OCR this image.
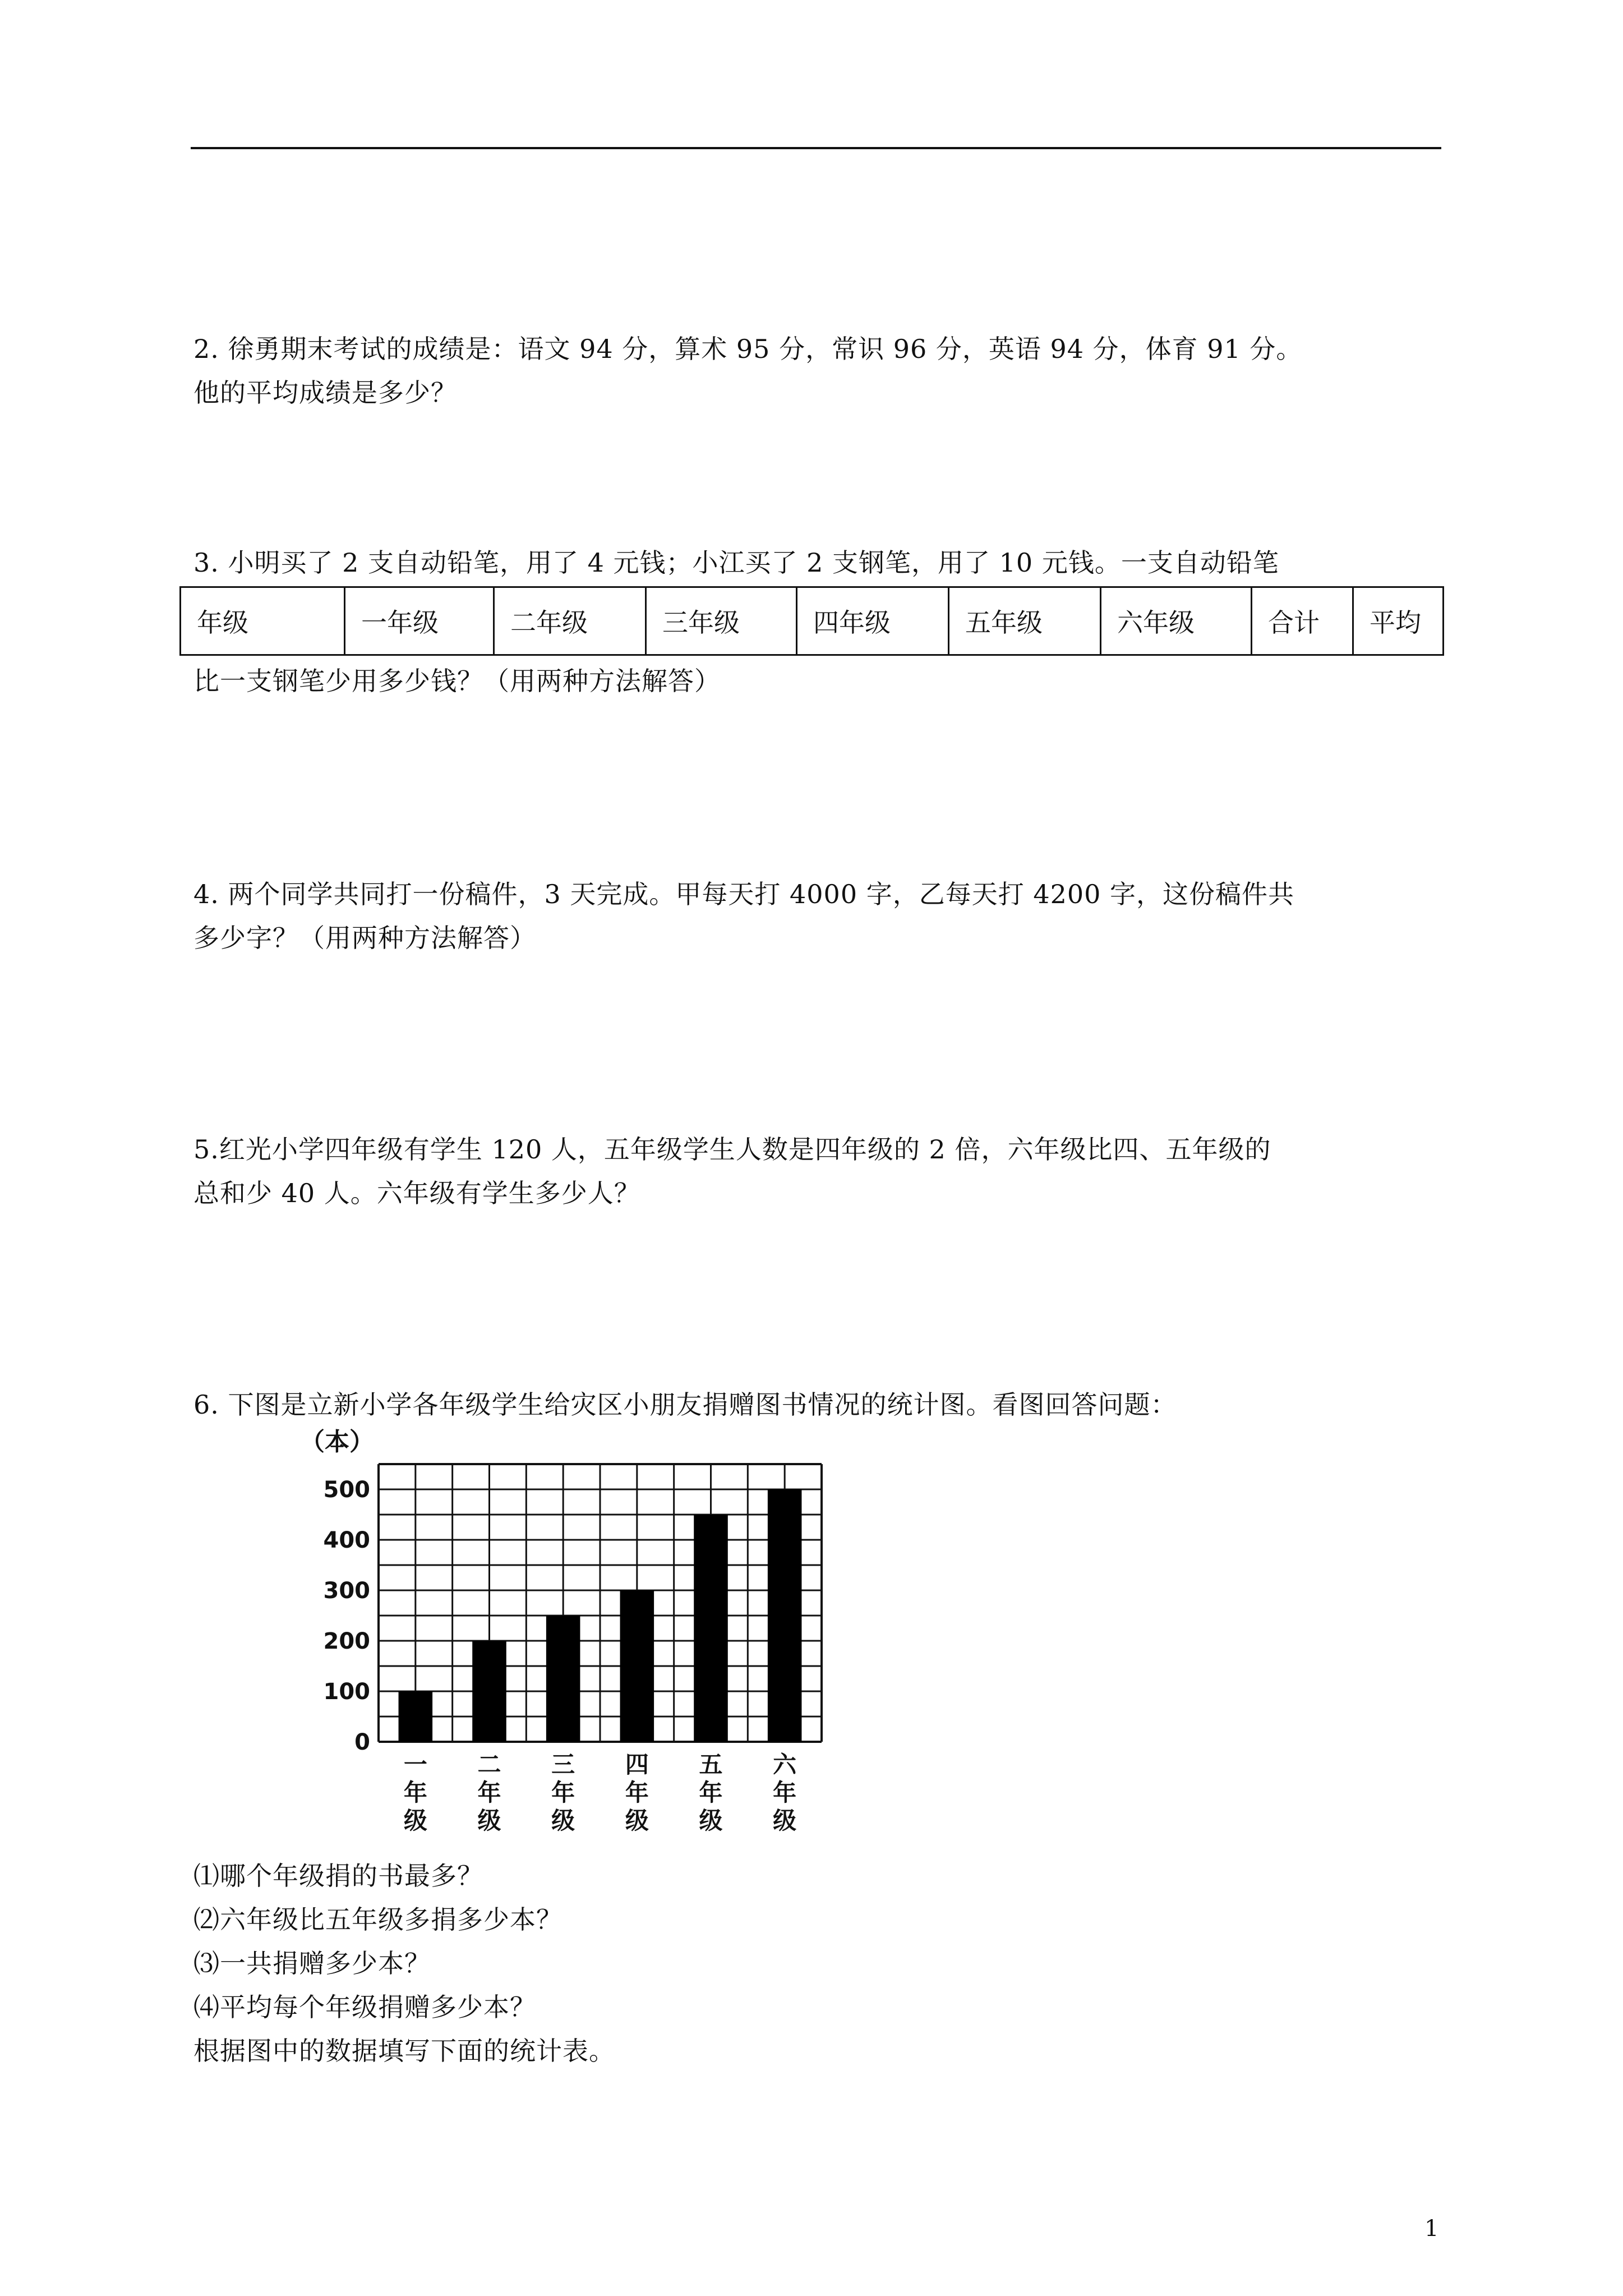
2. 徐勇期末考试的成绩是：语文 94 分，算术 95 分，常识 96 分，英语 94 分，体育 91 分。
他的平均成绩是多少？
3. 小明买了 2 支自动铅笔，用了 4 元钱；小江买了 2 支钢笔，用了 10 元钱。一支自动铅笔
年级	一年级	二年级	三年级	四年级	五年级	六年级	合计	平均
比一支钢笔少用多少钱？（用两种方法解答）
4. 两个同学共同打一份稿件，3 天完成。甲每天打 4000 字，乙每天打 4200 字，这份稿件共
多少字？（用两种方法解答）
5.红光小学四年级有学生 120 人，五年级学生人数是四年级的 2 倍，六年级比四、五年级的
总和少 40 人。六年级有学生多少人？
6. 下图是立新小学各年级学生给灾区小朋友捐赠图书情况的统计图。看图回答问题：
（本）
0
100
200
300
400
500
一
年
级
二
年
级
三
年
级
四
年
级
五
年
级
六
年
级
⑴哪个年级捐的书最多？
⑵六年级比五年级多捐多少本？
⑶一共捐赠多少本？
⑷平均每个年级捐赠多少本？
根据图中的数据填写下面的统计表。
1
